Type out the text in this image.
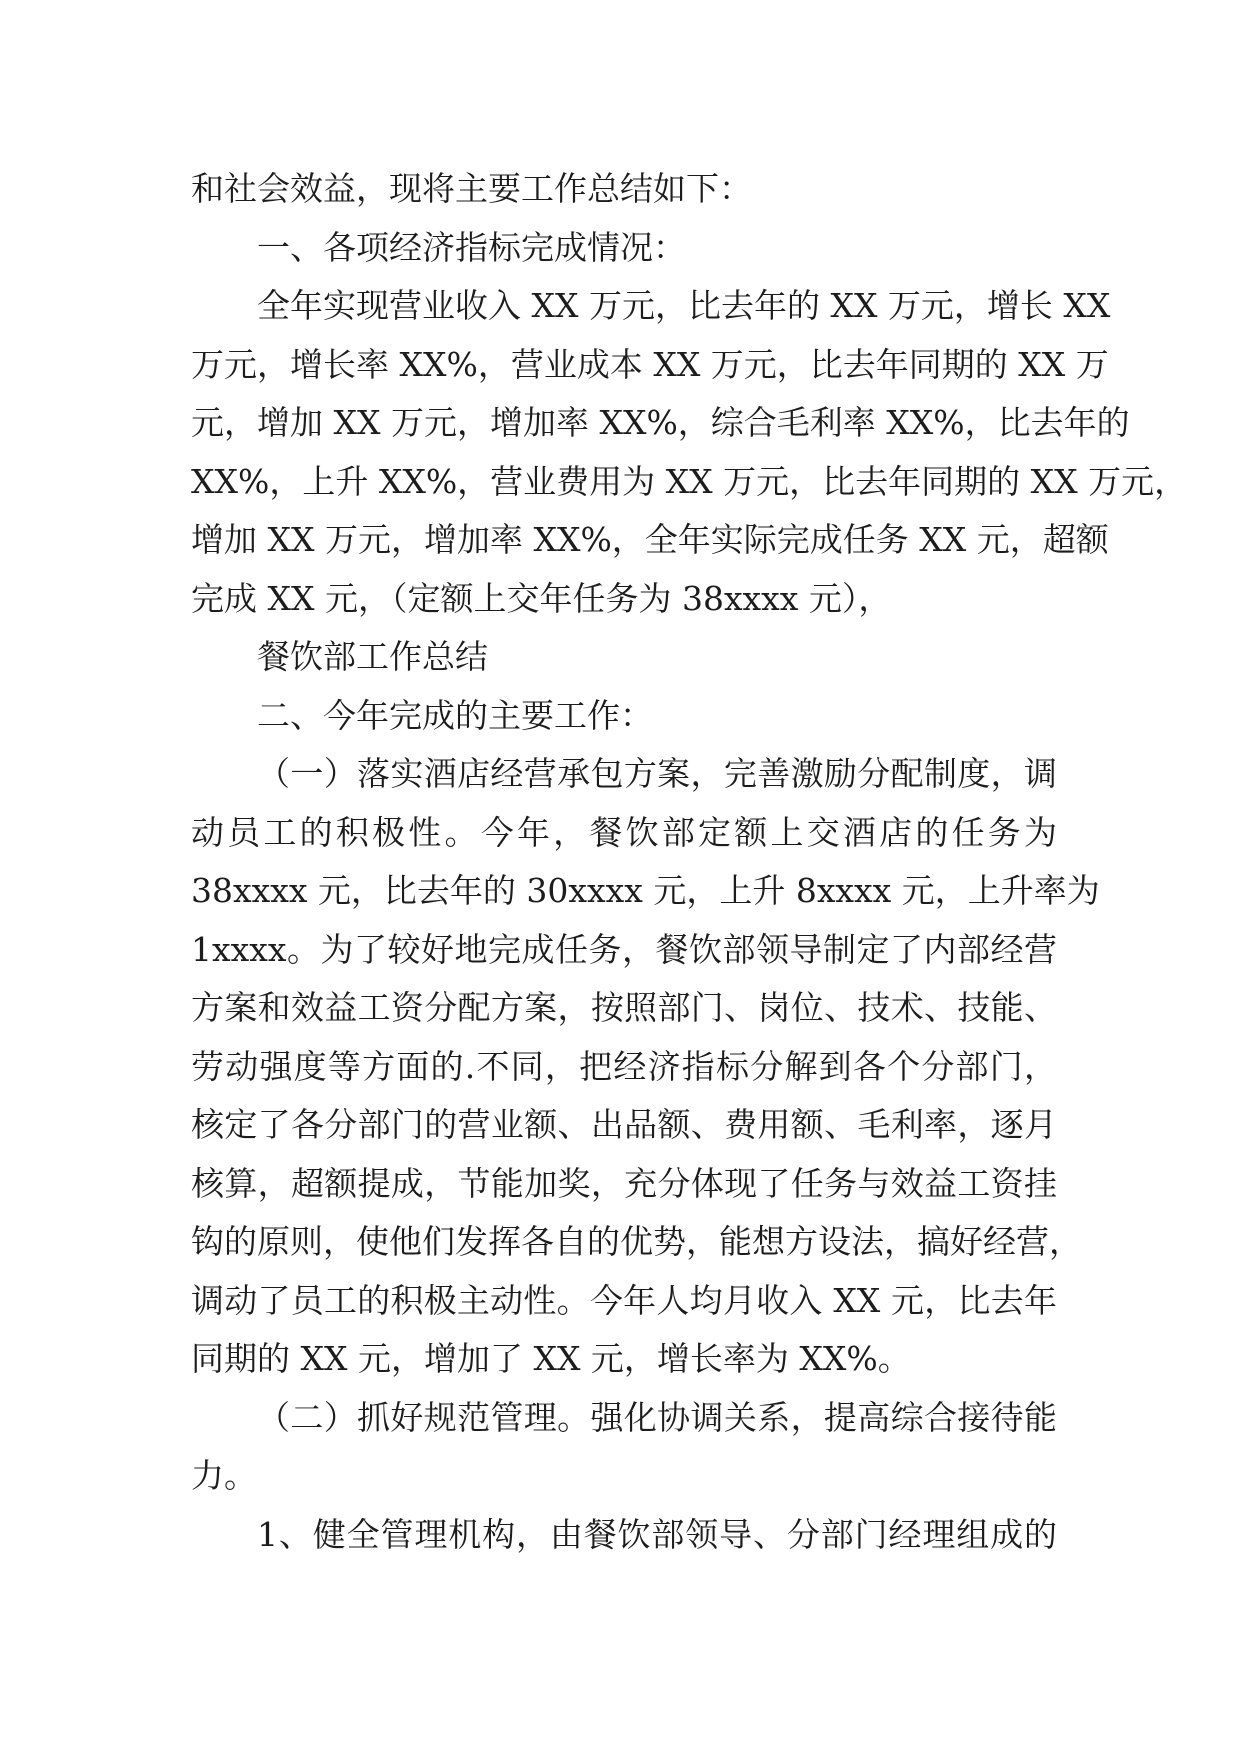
和社会效益，现将主要工作总结如下：
一、各项经济指标完成情况：
全年实现营业收入 XX 万元，比去年的 XX 万元，增长 XX
万元，增长率 XX%，营业成本 XX 万元，比去年同期的 XX 万
元，增加 XX 万元，增加率 XX%，综合毛利率 XX%，比去年的
XX%，上升 XX%，营业费用为 XX 万元，比去年同期的 XX 万元，
增加 XX 万元，增加率 XX%，全年实际完成任务 XX 元，超额
完成 XX 元，（定额上交年任务为 38xxxx 元），
餐饮部工作总结
二、今年完成的主要工作：
（一）落实酒店经营承包方案，完善激励分配制度，调
动员工的积极性。今年，餐饮部定额上交酒店的任务为
38xxxx 元，比去年的 30xxxx 元，上升 8xxxx 元，上升率为
1xxxx。为了较好地完成任务，餐饮部领导制定了内部经营
方案和效益工资分配方案，按照部门、岗位、技术、技能、
劳动强度等方面的.不同，把经济指标分解到各个分部门，
核定了各分部门的营业额、出品额、费用额、毛利率，逐月
核算，超额提成，节能加奖，充分体现了任务与效益工资挂
钩的原则，使他们发挥各自的优势，能想方设法，搞好经营，
调动了员工的积极主动性。今年人均月收入 XX 元，比去年
同期的 XX 元，增加了 XX 元，增长率为 XX%。
（二）抓好规范管理。强化协调关系，提高综合接待能
力。
1、健全管理机构，由餐饮部领导、分部门经理组成的
